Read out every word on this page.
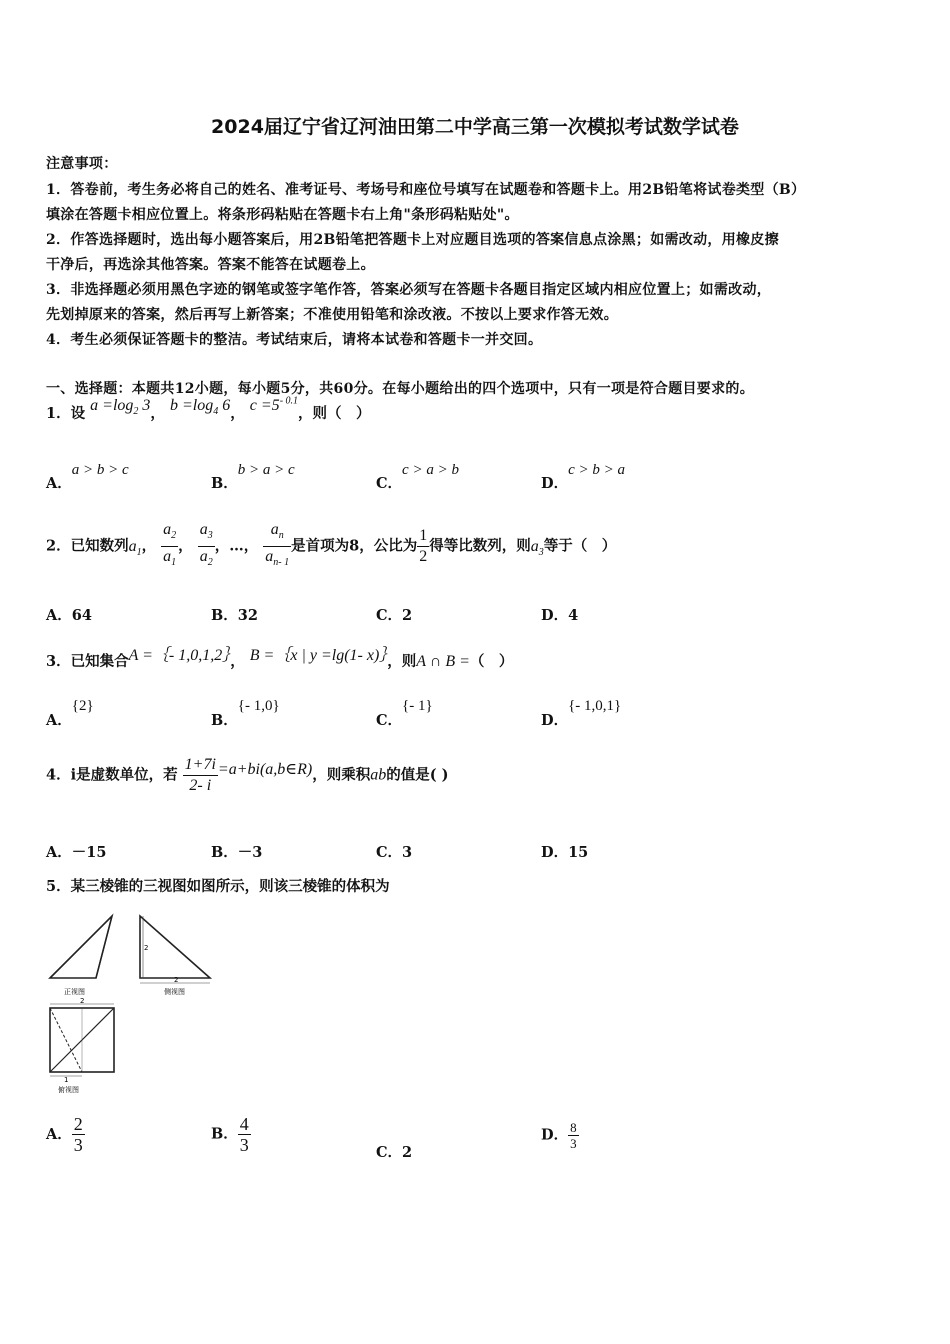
2024届辽宁省辽河油田第二中学高三第一次模拟考试数学试卷
注意事项：
1．答卷前，考生务必将自己的姓名、准考证号、考场号和座位号填写在试题卷和答题卡上。用2B铅笔将试卷类型（B）
填涂在答题卡相应位置上。将条形码粘贴在答题卡右上角"条形码粘贴处"。
2．作答选择题时，选出每小题答案后，用2B铅笔把答题卡上对应题目选项的答案信息点涂黑；如需改动，用橡皮擦
干净后，再选涂其他答案。答案不能答在试题卷上。
3．非选择题必须用黑色字迹的钢笔或签字笔作答，答案必须写在答题卡各题目指定区域内相应位置上；如需改动，
先划掉原来的答案，然后再写上新答案；不准使用铅笔和涂改液。不按以上要求作答无效。
4．考生必须保证答题卡的整洁。考试结束后，请将本试卷和答题卡一并交回。
一、选择题：本题共12小题，每小题5分，共60分。在每小题给出的四个选项中，只有一项是符合题目要求的。
1．设 $a =\log_2$ 3， $b =\log_4$ 6， $c =5^{- 0.1}$，则（　）
A．a > b > c
B．b > a > c
C．c > a > b
D．c > b > a
2．已知数列$a_1$， $\frac{a_2}{a_1}$ ， $\frac{a_3}{a_2}$ ，…， $\frac{a_n}{a_{n- 1}}$ 是首项为8，公比为 $\frac{1}{2}$ 得等比数列，则$a_3$等于（　）
A．64	B．32	C．2	D．4
3．已知集合A =｛- 1,0,1,2｝， B =｛x | y =lg(1- x)｝，则A ∩ B =（　）
A．{2}
B．{- 1,0}
C．{- 1}
D．{- 1,0,1}
4．i是虚数单位，若 $\frac{1+7i}{2- i}$ =a+bi(a,b∈R)，则乘积ab的值是( )
A．－15	B．－3	C．3	D．15
5．某三棱锥的三视图如图所示，则该三棱锥的体积为
正视图
2
2
侧视图
2
1
俯视图
A． $\frac{2}{3}$	B． $\frac{4}{3}$	C．2
D． $\frac{8}{3}$
